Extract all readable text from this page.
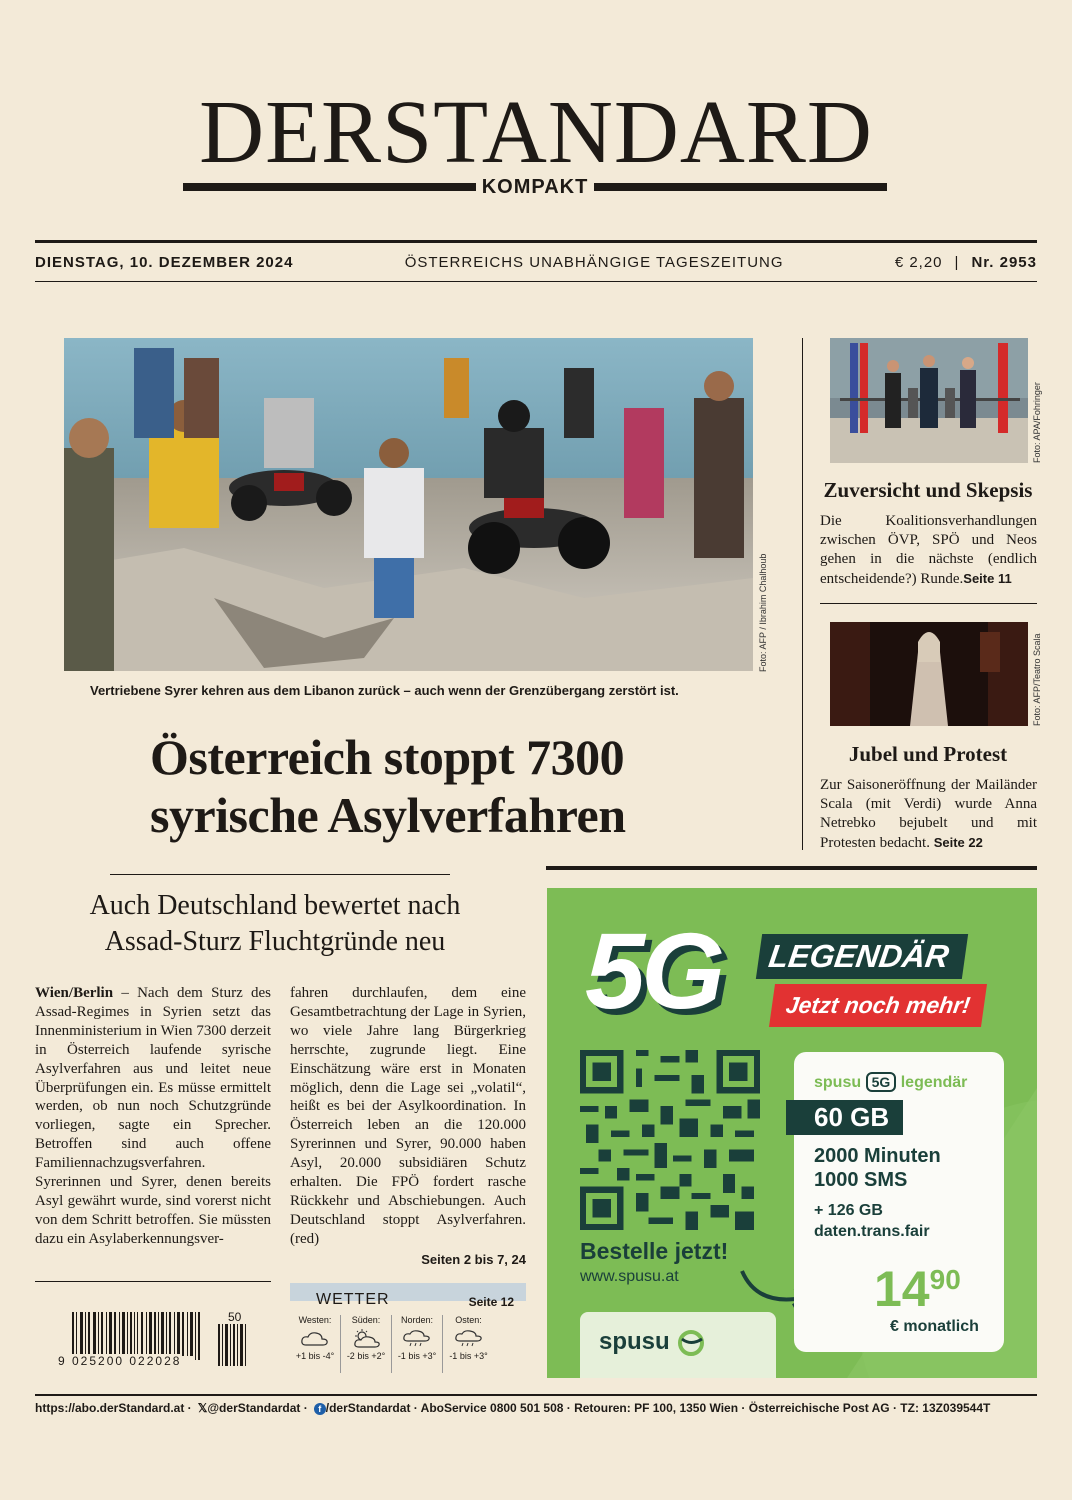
DERSTANDARD
KOMPAKT
DIENSTAG, 10. DEZEMBER 2024	ÖSTERREICHS UNABHÄNGIGE TAGESZEITUNG	€ 2,20 | Nr. 2953
Foto: AFP / Ibrahim Chalhoub
Vertriebene Syrer kehren aus dem Libanon zurück – auch wenn der Grenzübergang zerstört ist.
Österreich stoppt 7300
syrische Asylverfahren
Auch Deutschland bewertet nach
Assad-Sturz Fluchtgründe neu
Wien/Berlin – Nach dem Sturz des Assad-Regimes in Syrien setzt das Innenministerium in Wien 7300 derzeit in Österreich laufende syrische Asylverfahren aus und leitet neue Überprüfungen ein. Es müsse ermittelt werden, ob nun noch Schutzgründe vorliegen, sagte ein Sprecher. Betroffen sind auch offene Familiennachzugsverfahren. Syrerinnen und Syrer, denen bereits Asyl gewährt wurde, sind vorerst nicht von dem Schritt betroffen. Sie müssten dazu ein Asylaberkennungsver-
fahren durchlaufen, dem eine Gesamtbetrachtung der Lage in Syrien, wo viele Jahre lang Bürgerkrieg herrschte, zugrunde liegt. Eine Einschätzung wäre erst in Monaten möglich, denn die Lage sei „volatil“, heißt es bei der Asylkoordination. In Österreich leben an die 120.000 Syrerinnen und Syrer, 90.000 haben Asyl, 20.000 subsidiären Schutz erhalten. Die FPÖ fordert rasche Rückkehr und Abschiebungen. Auch Deutschland stoppt Asylverfahren. (red)
Seiten 2 bis 7, 24
9 025200 022028
50
WETTER	Seite 12
Westen:
+1 bis -4°
Süden:
-2 bis +2°
Norden:
-1 bis +3°
Osten:
-1 bis +3°
Foto: APA/Fohringer
Zuversicht und Skepsis
Die Koalitionsverhandlungen zwischen ÖVP, SPÖ und Neos gehen in die nächste (endlich entscheidende?) Runde.Seite 11
Foto: AFP/Teatro Scala
Jubel und Protest
Zur Saisoneröffnung der Mailänder Scala (mit Verdi) wurde Anna Netrebko bejubelt und mit Protesten bedacht. Seite 22
5G	LEGENDÄR
Jetzt noch mehr!
Bestelle jetzt!
www.spusu.at
spusu
spusu 5G legendär
60 GB
2000 Minuten
1000 SMS
+ 126 GB
daten.trans.fair
$14^{90}$
€ monatlich
https://abo.derStandard.at · 𝕏@derStandardat ·	f /derStandardat · AboService 0800 501 508 · Retouren: PF 100, 1350 Wien · Österreichische Post AG · TZ: 13Z039544T
